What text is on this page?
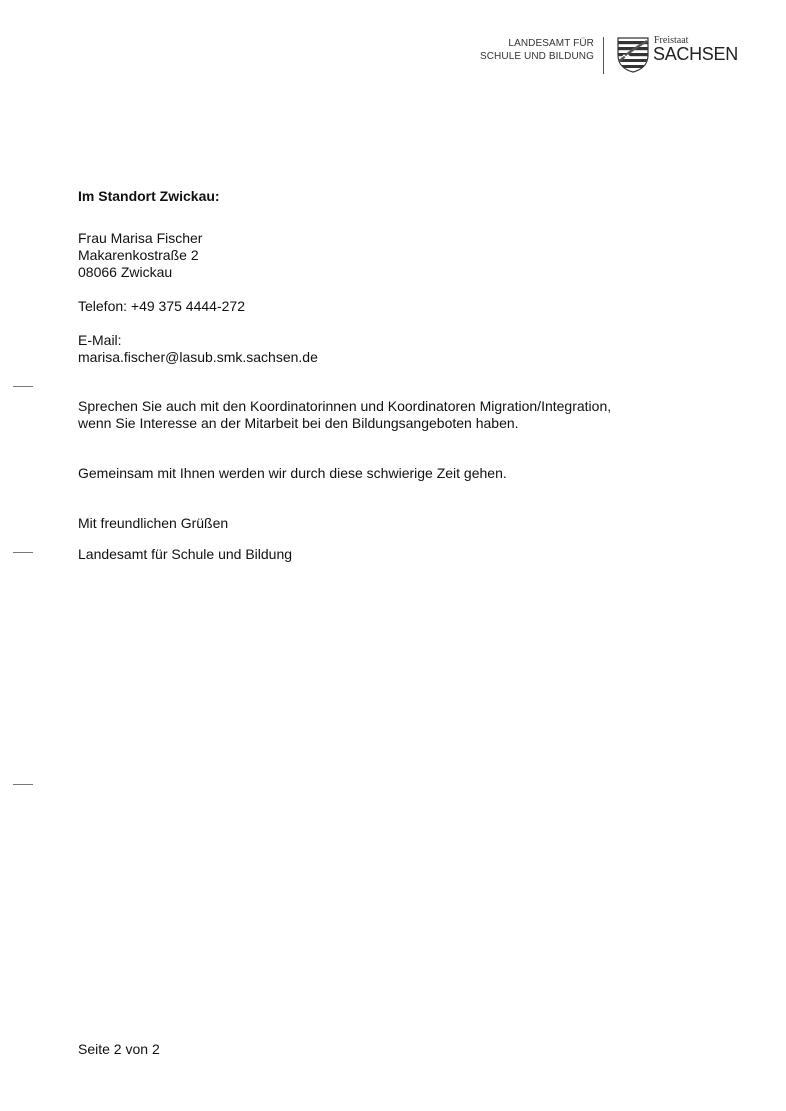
LANDESAMT FÜR
SCHULE UND BILDUNG
Freistaat
SACHSEN
Im Standort Zwickau:
Frau Marisa Fischer
Makarenkostraße 2
08066 Zwickau
Telefon: +49 375 4444-272
E-Mail:
marisa.fischer@lasub.smk.sachsen.de
Sprechen Sie auch mit den Koordinatorinnen und Koordinatoren Migration/Integration,
wenn Sie Interesse an der Mitarbeit bei den Bildungsangeboten haben.
Gemeinsam mit Ihnen werden wir durch diese schwierige Zeit gehen.
Mit freundlichen Grüßen
Landesamt für Schule und Bildung
Seite 2 von 2
